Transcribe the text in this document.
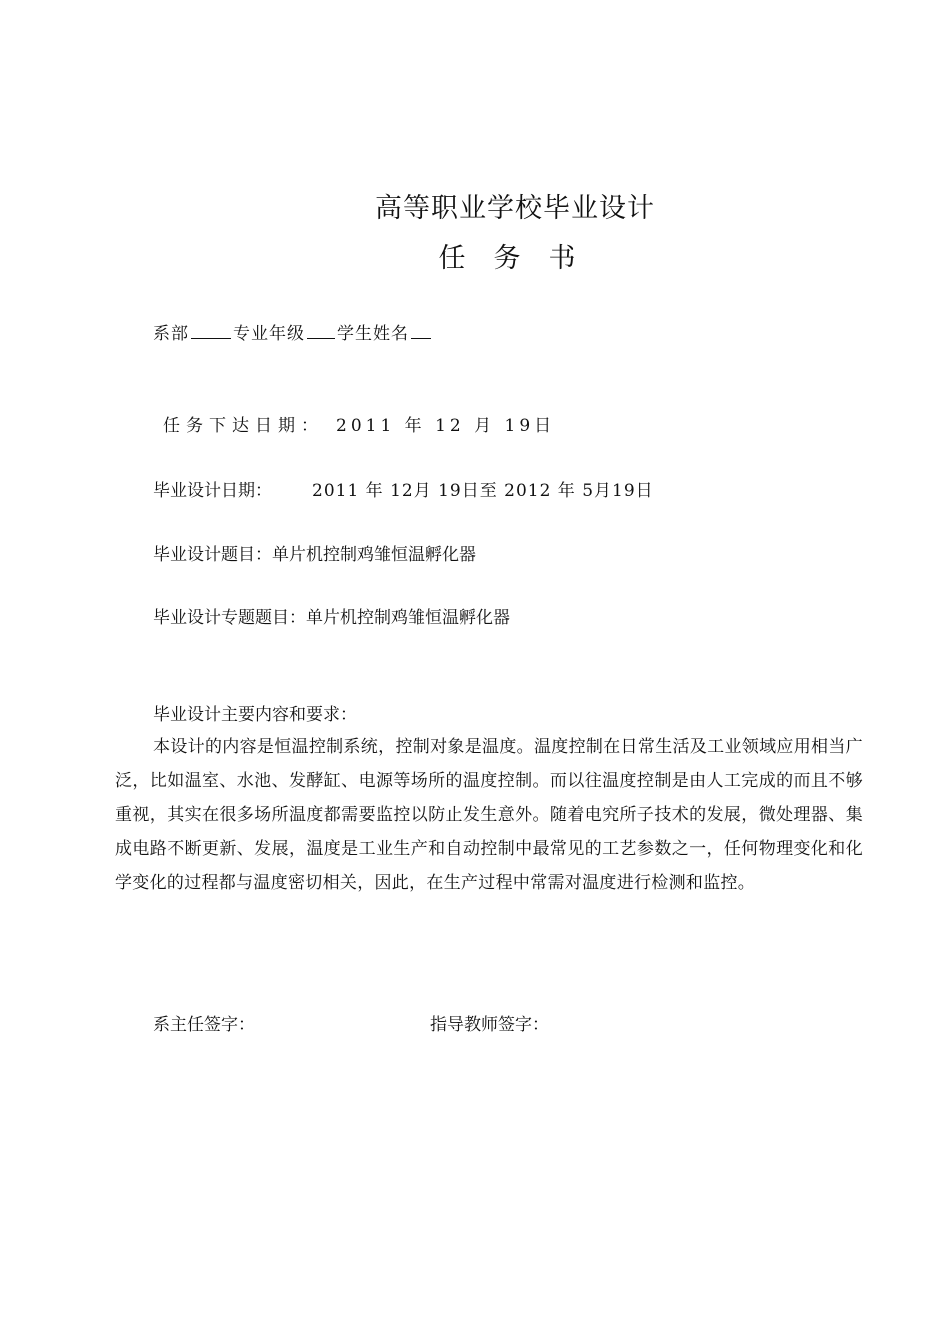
高等职业学校毕业设计
任务书
系部	专业年级 学生姓名
任务下达日期： 2011 年 12 月 19日
毕业设计日期： 2011 年 12月 19日至 2012 年 5月19日
毕业设计题目：单片机控制鸡雏恒温孵化器
毕业设计专题题目：单片机控制鸡雏恒温孵化器
毕业设计主要内容和要求：
本设计的内容是恒温控制系统，控制对象是温度。温度控制在日常生活及工业领域应用相当广泛，比如温室、水池、发酵缸、电源等场所的温度控制。而以往温度控制是由人工完成的而且不够重视，其实在很多场所温度都需要监控以防止发生意外。随着电究所子技术的发展，微处理器、集成电路不断更新、发展，温度是工业生产和自动控制中最常见的工艺参数之一，任何物理变化和化学变化的过程都与温度密切相关，因此，在生产过程中常需对温度进行检测和监控。
系主任签字：	指导教师签字：
